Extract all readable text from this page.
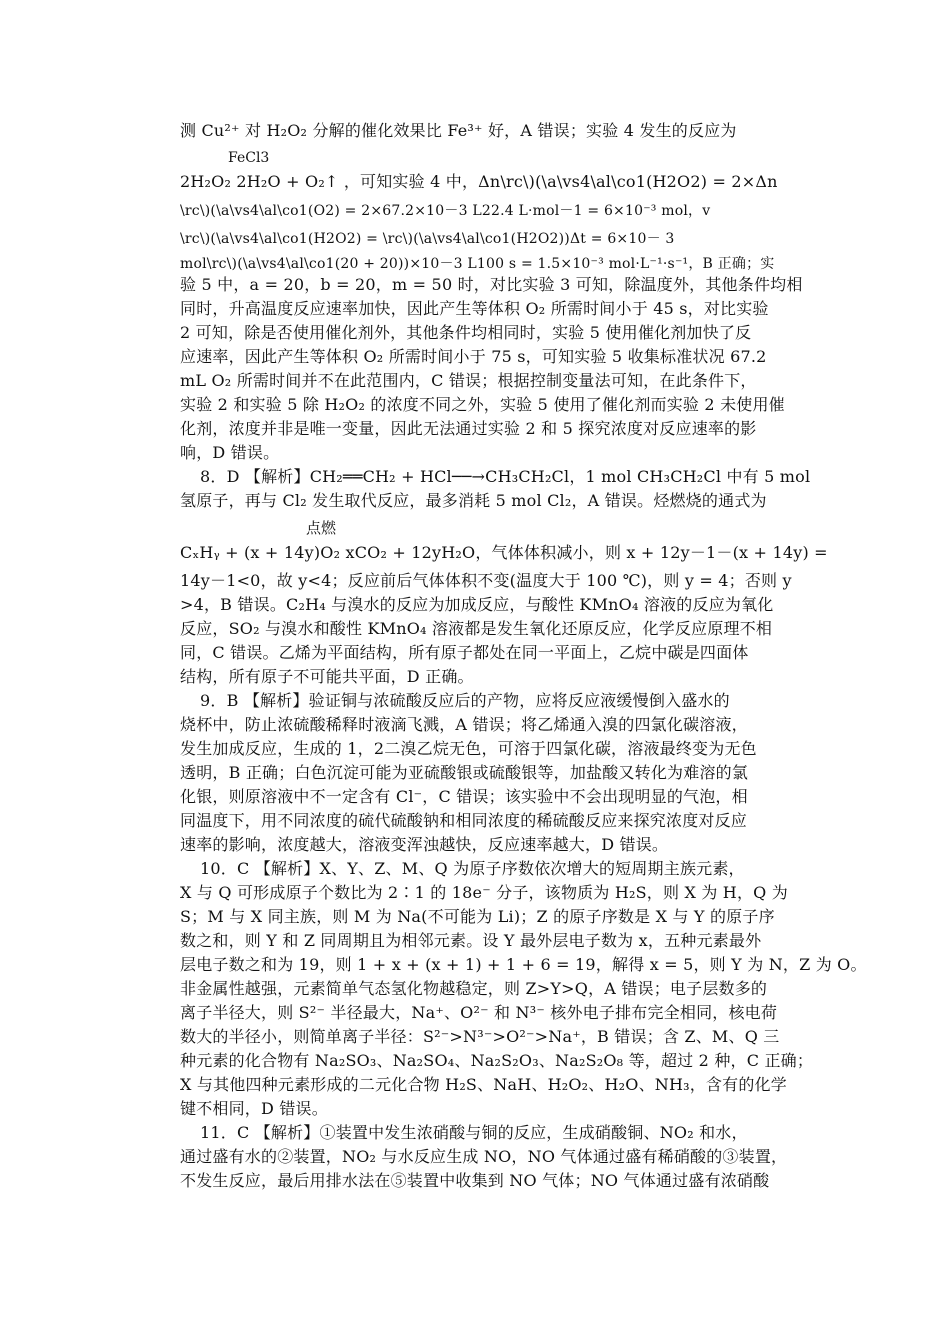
测 Cu²⁺ 对 H₂O₂ 分解的催化效果比 Fe³⁺ 好，A 错误；实验 4 发生的反应为
FeCl3
2H₂O₂ 2H₂O + O₂↑ ，可知实验 4 中，Δn\rc\)(\a\vs4\al\co1(H2O2) = 2×Δn
\rc\)(\a\vs4\al\co1(O2) = 2×67.2×10－3 L22.4 L·mol－1 = 6×10⁻³ mol，v
\rc\)(\a\vs4\al\co1(H2O2) = \rc\)(\a\vs4\al\co1(H2O2))Δt = 6×10－ 3
mol\rc\)(\a\vs4\al\co1(20 + 20))×10－3 L100 s = 1.5×10⁻³ mol·L⁻¹·s⁻¹，B 正确；实
验 5 中，a = 20，b = 20，m = 50 时，对比实验 3 可知，除温度外，其他条件均相
同时，升高温度反应速率加快，因此产生等体积 O₂ 所需时间小于 45 s，对比实验
2 可知，除是否使用催化剂外，其他条件均相同时，实验 5 使用催化剂加快了反
应速率，因此产生等体积 O₂ 所需时间小于 75 s，可知实验 5 收集标准状况 67.2
mL O₂ 所需时间并不在此范围内，C 错误；根据控制变量法可知，在此条件下，
实验 2 和实验 5 除 H₂O₂ 的浓度不同之外，实验 5 使用了催化剂而实验 2 未使用催
化剂，浓度并非是唯一变量，因此无法通过实验 2 和 5 探究浓度对反应速率的影
响，D 错误。
8．D 【解析】CH₂══CH₂ + HCl──→CH₃CH₂Cl，1 mol CH₃CH₂Cl 中有 5 mol
氢原子，再与 Cl₂ 发生取代反应，最多消耗 5 mol Cl₂，A 错误。烃燃烧的通式为
点燃
CₓHᵧ + (x + 14y)O₂ xCO₂ + 12yH₂O，气体体积减小，则 x + 12y－1－(x + 14y) =
14y－1<0，故 y<4；反应前后气体体积不变(温度大于 100 ℃)，则 y = 4；否则 y
>4，B 错误。C₂H₄ 与溴水的反应为加成反应，与酸性 KMnO₄ 溶液的反应为氧化
反应，SO₂ 与溴水和酸性 KMnO₄ 溶液都是发生氧化还原反应，化学反应原理不相
同，C 错误。乙烯为平面结构，所有原子都处在同一平面上，乙烷中碳是四面体
结构，所有原子不可能共平面，D 正确。
9．B 【解析】验证铜与浓硫酸反应后的产物，应将反应液缓慢倒入盛水的
烧杯中，防止浓硫酸稀释时液滴飞溅，A 错误；将乙烯通入溴的四氯化碳溶液，
发生加成反应，生成的 1，2二溴乙烷无色，可溶于四氯化碳，溶液最终变为无色
透明，B 正确；白色沉淀可能为亚硫酸银或硫酸银等，加盐酸又转化为难溶的氯
化银，则原溶液中不一定含有 Cl⁻，C 错误；该实验中不会出现明显的气泡，相
同温度下，用不同浓度的硫代硫酸钠和相同浓度的稀硫酸反应来探究浓度对反应
速率的影响，浓度越大，溶液变浑浊越快，反应速率越大，D 错误。
10．C 【解析】X、Y、Z、M、Q 为原子序数依次增大的短周期主族元素，
X 与 Q 可形成原子个数比为 2∶1 的 18e⁻ 分子，该物质为 H₂S，则 X 为 H，Q 为
S；M 与 X 同主族，则 M 为 Na(不可能为 Li)；Z 的原子序数是 X 与 Y 的原子序
数之和，则 Y 和 Z 同周期且为相邻元素。设 Y 最外层电子数为 x，五种元素最外
层电子数之和为 19，则 1 + x + (x + 1) + 1 + 6 = 19，解得 x = 5，则 Y 为 N，Z 为 O。
非金属性越强，元素简单气态氢化物越稳定，则 Z>Y>Q，A 错误；电子层数多的
离子半径大，则 S²⁻ 半径最大，Na⁺、O²⁻ 和 N³⁻ 核外电子排布完全相同，核电荷
数大的半径小，则简单离子半径：S²⁻>N³⁻>O²⁻>Na⁺，B 错误；含 Z、M、Q 三
种元素的化合物有 Na₂SO₃、Na₂SO₄、Na₂S₂O₃、Na₂S₂O₈ 等，超过 2 种，C 正确；
X 与其他四种元素形成的二元化合物 H₂S、NaH、H₂O₂、H₂O、NH₃，含有的化学
键不相同，D 错误。
11．C 【解析】①装置中发生浓硝酸与铜的反应，生成硝酸铜、NO₂ 和水，
通过盛有水的②装置，NO₂ 与水反应生成 NO，NO 气体通过盛有稀硝酸的③装置，
不发生反应，最后用排水法在⑤装置中收集到 NO 气体；NO 气体通过盛有浓硝酸
